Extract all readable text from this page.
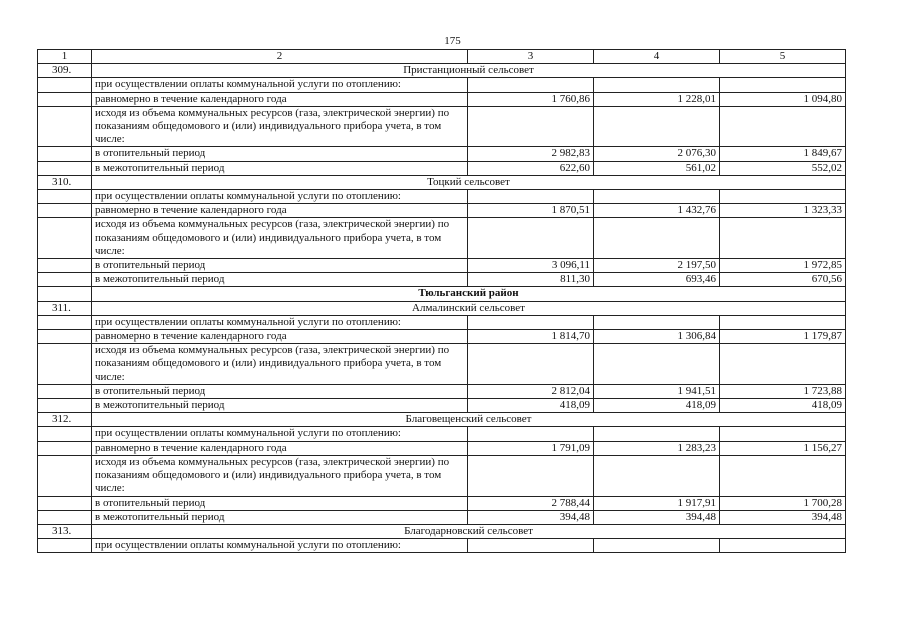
175
1	2	3	4	5
309.	Пристанционный сельсовет			
	при осуществлении оплаты коммунальной услуги по отоплению:			
	равномерно в течение календарного года	1 760,86	1 228,01	1 094,80
	исходя из объема коммунальных ресурсов (газа, электрической энергии) по показаниям общедомового и (или) индивидуального прибора учета, в том числе:			
	в отопительный период	2 982,83	2 076,30	1 849,67
	в межотопительный период	622,60	561,02	552,02
310.	Тоцкий сельсовет			
	при осуществлении оплаты коммунальной услуги по отоплению:			
	равномерно в течение календарного года	1 870,51	1 432,76	1 323,33
	исходя из объема коммунальных ресурсов (газа, электрической энергии) по показаниям общедомового и (или) индивидуального прибора учета, в том числе:			
	в отопительный период	3 096,11	2 197,50	1 972,85
	в межотопительный период	811,30	693,46	670,56
	Тюльганский район			
311.	Алмалинский сельсовет			
	при осуществлении оплаты коммунальной услуги по отоплению:			
	равномерно в течение календарного года	1 814,70	1 306,84	1 179,87
	исходя из объема коммунальных ресурсов (газа, электрической энергии) по показаниям общедомового и (или) индивидуального прибора учета, в том числе:			
	в отопительный период	2 812,04	1 941,51	1 723,88
	в межотопительный период	418,09	418,09	418,09
312.	Благовещенский сельсовет			
	при осуществлении оплаты коммунальной услуги по отоплению:			
	равномерно в течение календарного года	1 791,09	1 283,23	1 156,27
	исходя из объема коммунальных ресурсов (газа, электрической энергии) по показаниям общедомового и (или) индивидуального прибора учета, в том числе:			
	в отопительный период	2 788,44	1 917,91	1 700,28
	в межотопительный период	394,48	394,48	394,48
313.	Благодарновский сельсовет			
	при осуществлении оплаты коммунальной услуги по отоплению:			
